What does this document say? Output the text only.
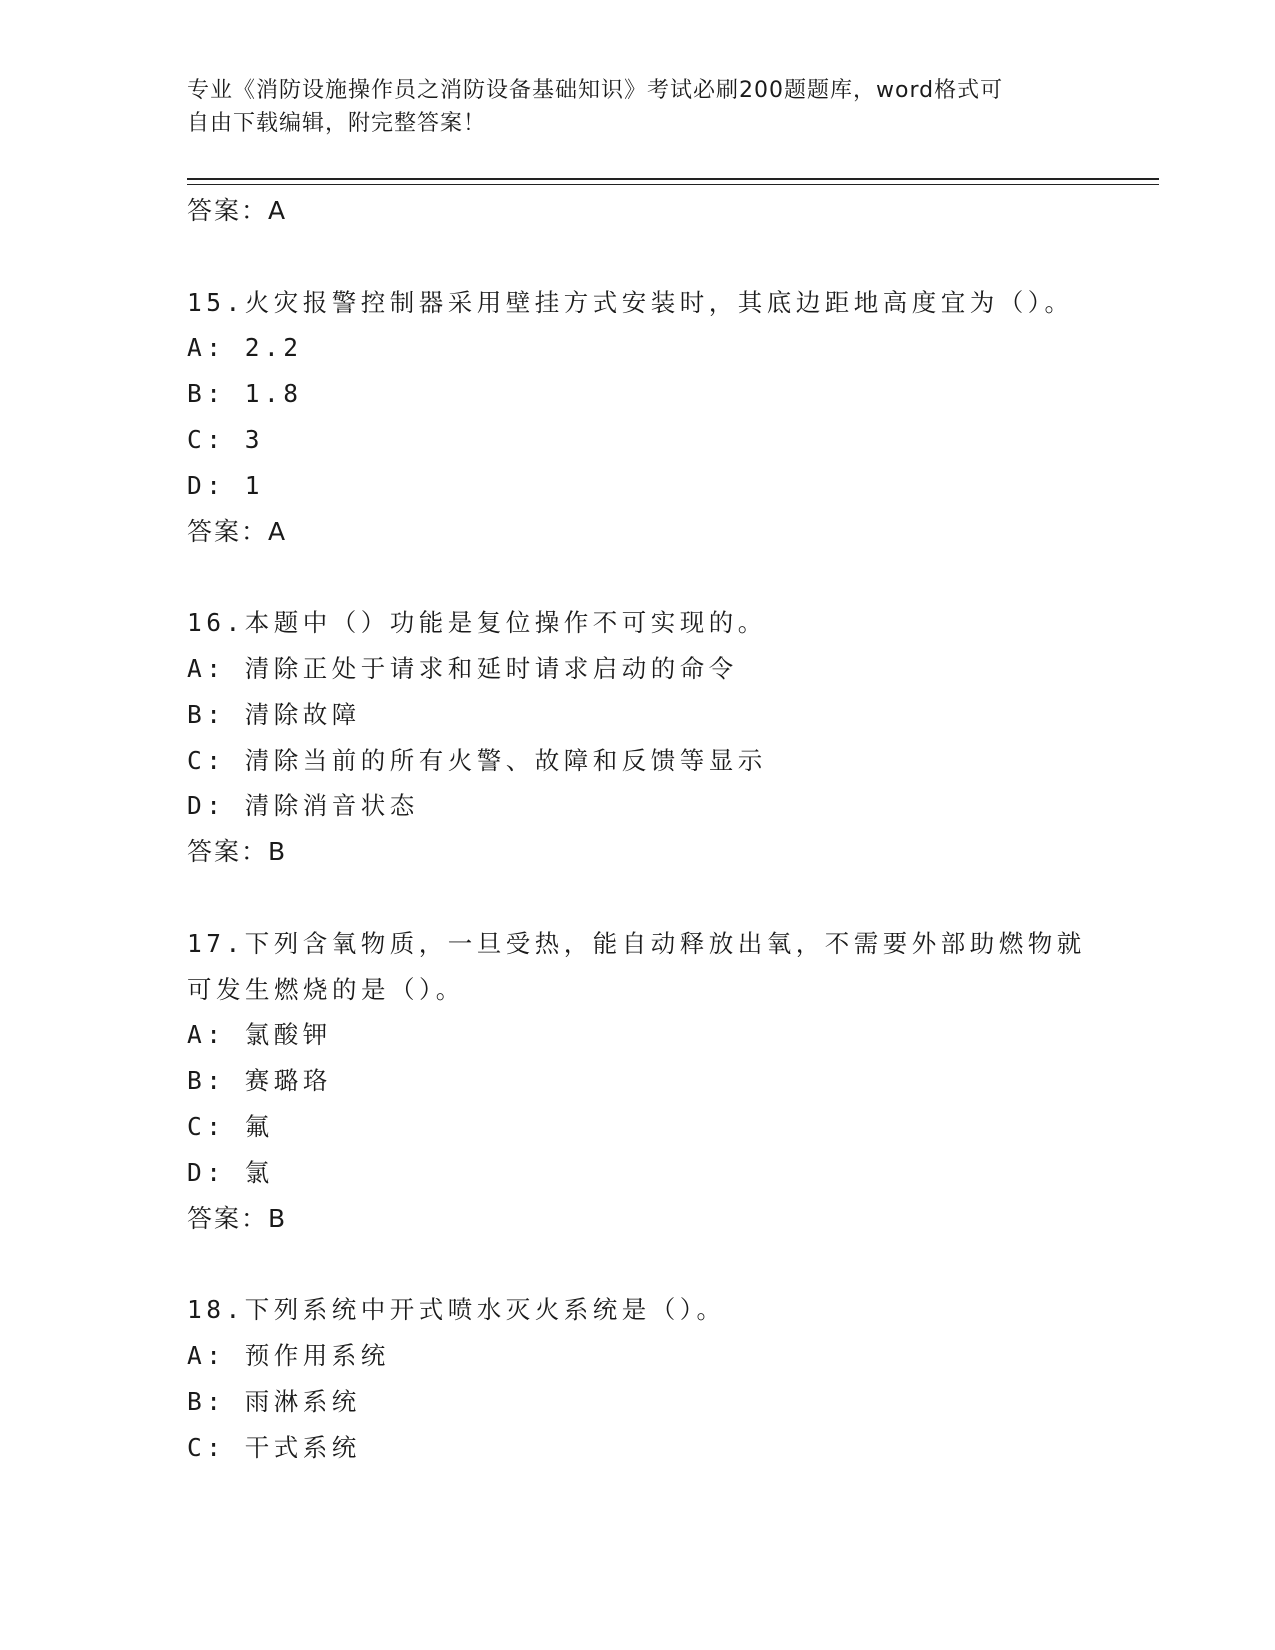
专业《消防设施操作员之消防设备基础知识》考试必刷200题题库，word格式可
自由下载编辑，附完整答案！
答案：A
15.火灾报警控制器采用壁挂方式安装时，其底边距地高度宜为（）。
A: 2.2
B: 1.8
C: 3
D: 1
答案：A
16.本题中（）功能是复位操作不可实现的。
A: 清除正处于请求和延时请求启动的命令
B: 清除故障
C: 清除当前的所有火警、故障和反馈等显示
D: 清除消音状态
答案：B
17.下列含氧物质，一旦受热，能自动释放出氧，不需要外部助燃物就
可发生燃烧的是（）。
A: 氯酸钾
B: 赛璐珞
C: 氟
D: 氯
答案：B
18.下列系统中开式喷水灭火系统是（）。
A: 预作用系统
B: 雨淋系统
C: 干式系统
